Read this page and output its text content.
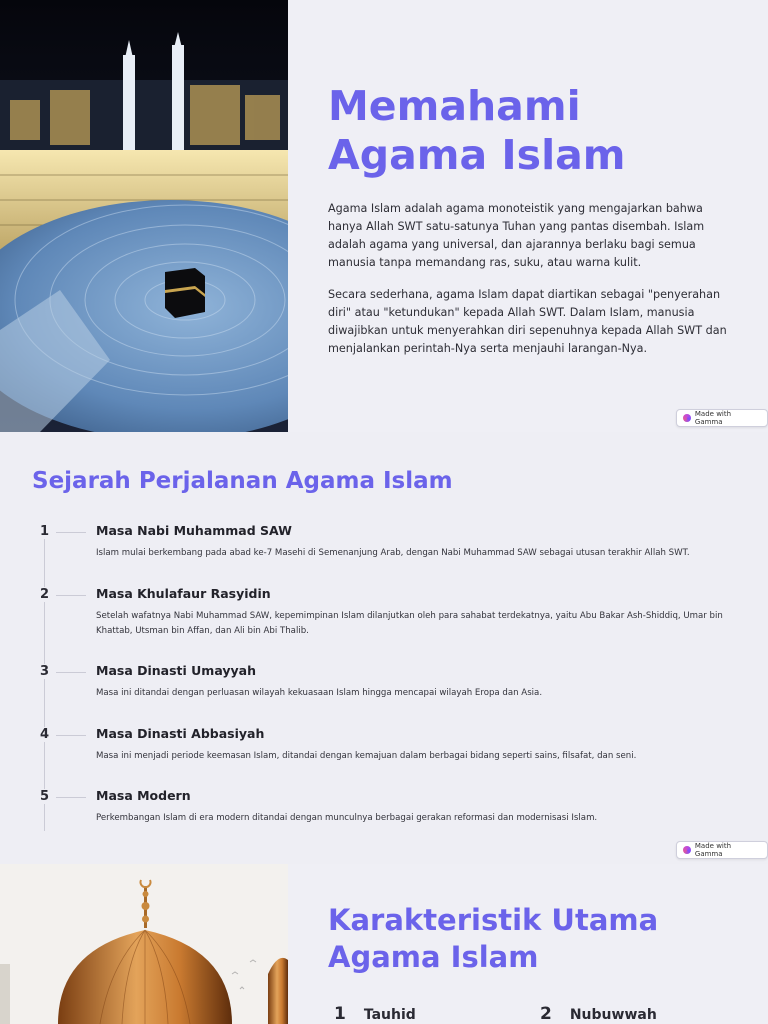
Memahami Agama Islam

Agama Islam adalah agama monoteistik yang mengajarkan bahwa hanya Allah SWT satu-satunya Tuhan yang pantas disembah. Islam adalah agama yang universal, dan ajarannya berlaku bagi semua manusia tanpa memandang ras, suku, atau warna kulit.

Secara sederhana, agama Islam dapat diartikan sebagai "penyerahan diri" atau "ketundukan" kepada Allah SWT. Dalam Islam, manusia diwajibkan untuk menyerahkan diri sepenuhnya kepada Allah SWT dan menjalankan perintah-Nya serta menjauhi larangan-Nya.

Made with Gamma
Sejarah Perjalanan Agama Islam
1	Masa Nabi Muhammad SAW
Islam mulai berkembang pada abad ke-7 Masehi di Semenanjung Arab, dengan Nabi Muhammad SAW sebagai utusan terakhir Allah SWT.
2	Masa Khulafaur Rasyidin
Setelah wafatnya Nabi Muhammad SAW, kepemimpinan Islam dilanjutkan oleh para sahabat terdekatnya, yaitu Abu Bakar Ash-Shiddiq, Umar bin Khattab, Utsman bin Affan, dan Ali bin Abi Thalib.
3	Masa Dinasti Umayyah
Masa ini ditandai dengan perluasan wilayah kekuasaan Islam hingga mencapai wilayah Eropa dan Asia.
4	Masa Dinasti Abbasiyah
Masa ini menjadi periode keemasan Islam, ditandai dengan kemajuan dalam berbagai bidang seperti sains, filsafat, dan seni.
5	Masa Modern
Perkembangan Islam di era modern ditandai dengan munculnya berbagai gerakan reformasi dan modernisasi Islam.
Made with Gamma
Karakteristik Utama Agama Islam
1 Tauhid	2 Nubuwwah
